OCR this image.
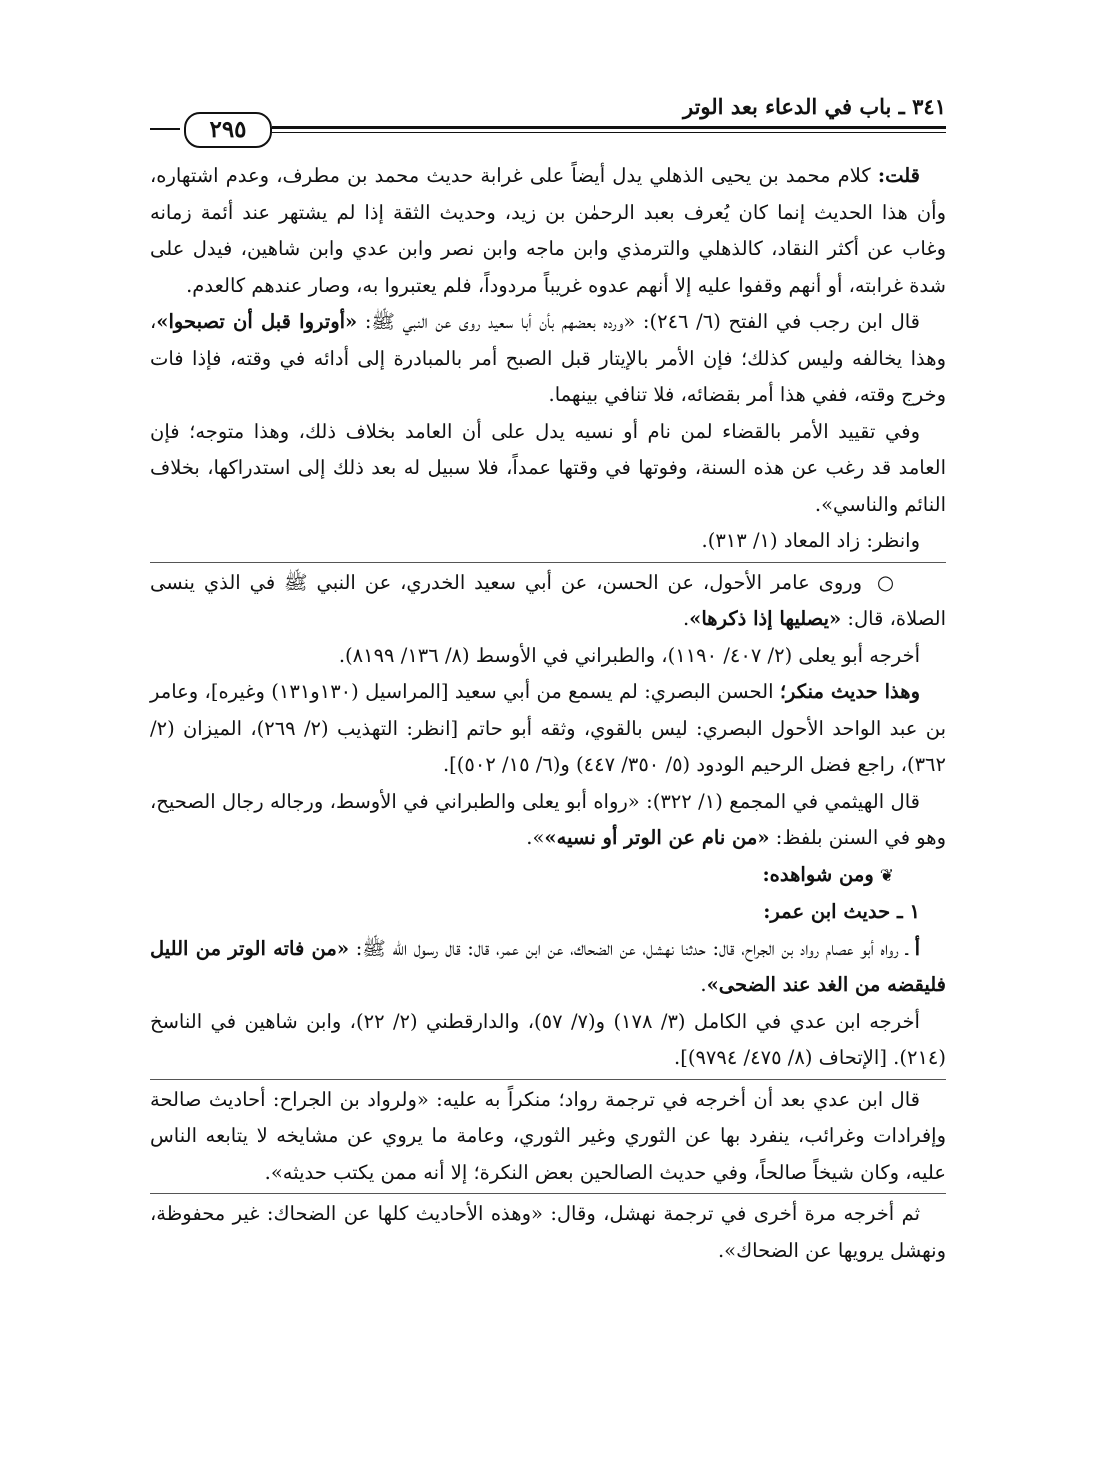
٣٤١ ـ باب في الدعاء بعد الوتر
٢٩٥

قلت: كلام محمد بن يحيى الذهلي يدل أيضاً على غرابة حديث محمد بن مطرف، وعدم اشتهاره، وأن هذا الحديث إنما كان يُعرف بعبد الرحمٰن بن زيد، وحديث الثقة إذا لم يشتهر عند أئمة زمانه وغاب عن أكثر النقاد، كالذهلي والترمذي وابن ماجه وابن نصر وابن عدي وابن شاهين، فيدل على شدة غرابته، أو أنهم وقفوا عليه إلا أنهم عدوه غريباً مردوداً، فلم يعتبروا به، وصار عندهم كالعدم.

قال ابن رجب في الفتح (٦/ ٢٤٦): «ورده بعضهم بأن أبا سعيد روى عن النبي ﷺ: «أوتروا قبل أن تصبحوا»، وهذا يخالفه وليس كذلك؛ فإن الأمر بالإيتار قبل الصبح أمر بالمبادرة إلى أدائه في وقته، فإذا فات وخرج وقته، ففي هذا أمر بقضائه، فلا تنافي بينهما.

وفي تقييد الأمر بالقضاء لمن نام أو نسيه يدل على أن العامد بخلاف ذلك، وهذا متوجه؛ فإن العامد قد رغب عن هذه السنة، وفوتها في وقتها عمداً، فلا سبيل له بعد ذلك إلى استدراكها، بخلاف النائم والناسي».

وانظر: زاد المعاد (١/ ٣١٣).

○ وروى عامر الأحول، عن الحسن، عن أبي سعيد الخدري، عن النبي ﷺ في الذي ينسى الصلاة، قال: «يصليها إذا ذكرها».

أخرجه أبو يعلى (٢/ ٤٠٧/ ١١٩٠)، والطبراني في الأوسط (٨/ ١٣٦/ ٨١٩٩).

وهذا حديث منكر؛ الحسن البصري: لم يسمع من أبي سعيد [المراسيل (١٣٠و١٣١) وغيره]، وعامر بن عبد الواحد الأحول البصري: ليس بالقوي، وثقه أبو حاتم [انظر: التهذيب (٢/ ٢٦٩)، الميزان (٢/ ٣٦٢)، راجع فضل الرحيم الودود (٥/ ٣٥٠/ ٤٤٧) و(٦/ ١٥/ ٥٠٢)].

قال الهيثمي في المجمع (١/ ٣٢٢): «رواه أبو يعلى والطبراني في الأوسط، ورجاله رجال الصحيح، وهو في السنن بلفظ: «من نام عن الوتر أو نسيه»».

❦ومن شواهده:

١ ـ حديث ابن عمر:

أ ـ رواه أبو عصام رواد بن الجراح، قال: حدثنا نهشل، عن الضحاك، عن ابن عمر، قال: قال رسول الله ﷺ: «من فاته الوتر من الليل فليقضه من الغد عند الضحى».

أخرجه ابن عدي في الكامل (٣/ ١٧٨) و(٧/ ٥٧)، والدارقطني (٢/ ٢٢)، وابن شاهين في الناسخ (٢١٤). [الإتحاف (٨/ ٤٧٥/ ٩٧٩٤)].

قال ابن عدي بعد أن أخرجه في ترجمة رواد؛ منكراً به عليه: «ولرواد بن الجراح: أحاديث صالحة وإفرادات وغرائب، ينفرد بها عن الثوري وغير الثوري، وعامة ما يروي عن مشايخه لا يتابعه الناس عليه، وكان شيخاً صالحاً، وفي حديث الصالحين بعض النكرة؛ إلا أنه ممن يكتب حديثه».

ثم أخرجه مرة أخرى في ترجمة نهشل، وقال: «وهذه الأحاديث كلها عن الضحاك: غير محفوظة، ونهشل يرويها عن الضحاك».
